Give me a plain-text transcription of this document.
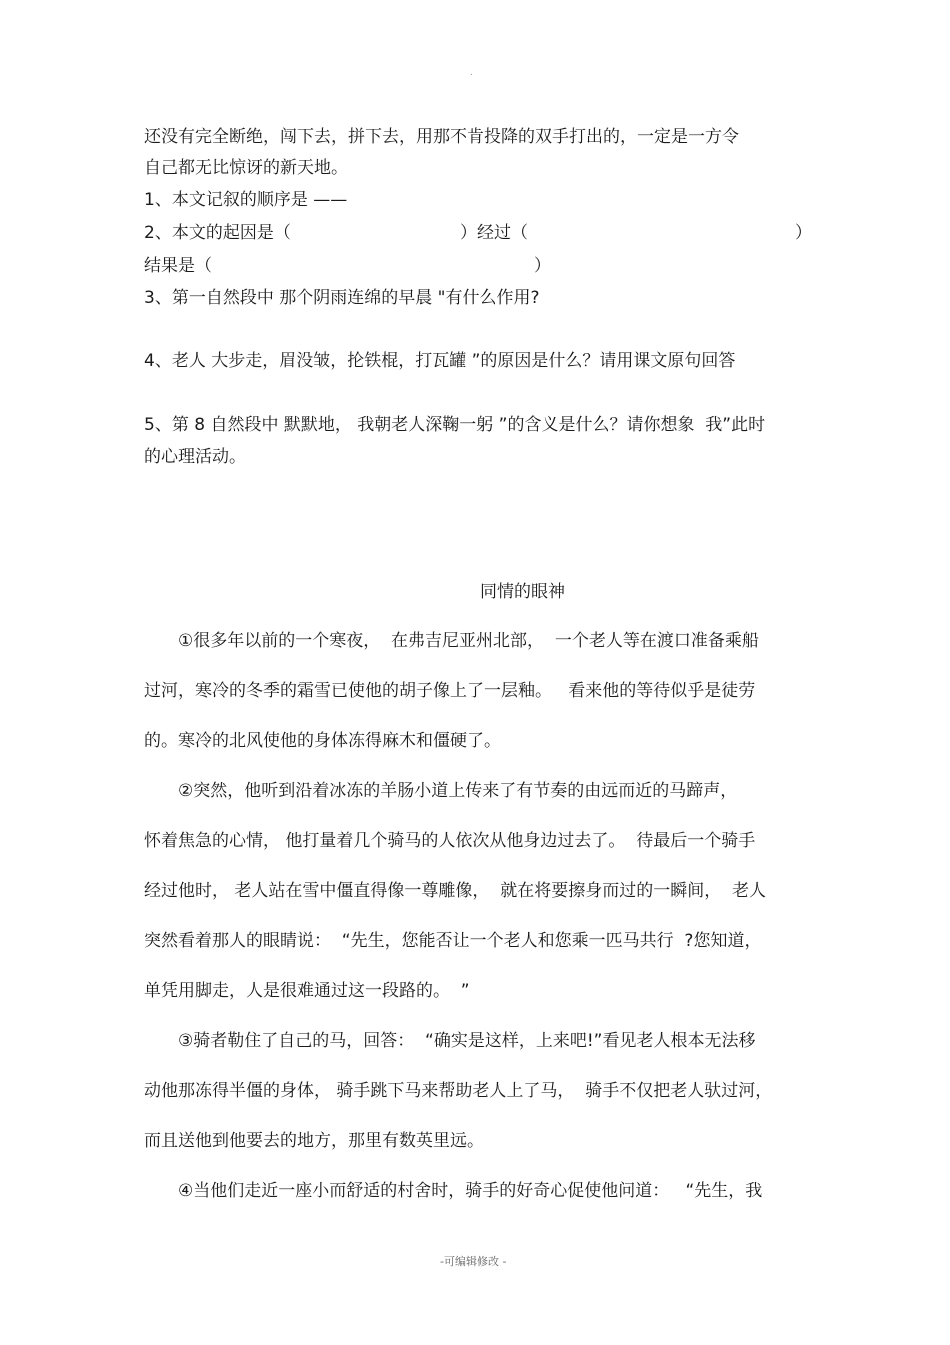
.
还没有完全断绝，闯下去，拼下去，用那不肯投降的双手打出的，一定是一方令
自己都无比惊讶的新天地。
1、本文记叙的顺序是 ——
2、本文的起因是（	）经过（	）
结果是（	）
3、第一自然段中 那个阴雨连绵的早晨 "有什么作用?
4、老人 大步走，眉没皱，抡铁棍，打瓦罐 ”的原因是什么？请用课文原句回答
5、第 8 自然段中 默默地， 我朝老人深鞠一躬 ”的含义是什么？请你想象  我”此时
的心理活动。
同情的眼神
①很多年以前的一个寒夜，  在弗吉尼亚州北部，  一个老人等在渡口准备乘船
过河，寒冷的冬季的霜雪已使他的胡子像上了一层釉。   看来他的等待似乎是徒劳
的。寒冷的北风使他的身体冻得麻木和僵硬了。
②突然，他听到沿着冰冻的羊肠小道上传来了有节奏的由远而近的马蹄声，
怀着焦急的心情， 他打量着几个骑马的人依次从他身边过去了。  待最后一个骑手
经过他时， 老人站在雪中僵直得像一尊雕像，  就在将要擦身而过的一瞬间，  老人
突然看着那人的眼睛说：  “先生，您能否让一个老人和您乘一匹马共行  ?您知道，
单凭用脚走，人是很难通过这一段路的。  ”
③骑者勒住了自己的马，回答：  “确实是这样，上来吧!”看见老人根本无法移
动他那冻得半僵的身体， 骑手跳下马来帮助老人上了马，  骑手不仅把老人驮过河，
而且送他到他要去的地方，那里有数英里远。
④当他们走近一座小而舒适的村舍时，骑手的好奇心促使他问道：   “先生，我
-可编辑修改 -
